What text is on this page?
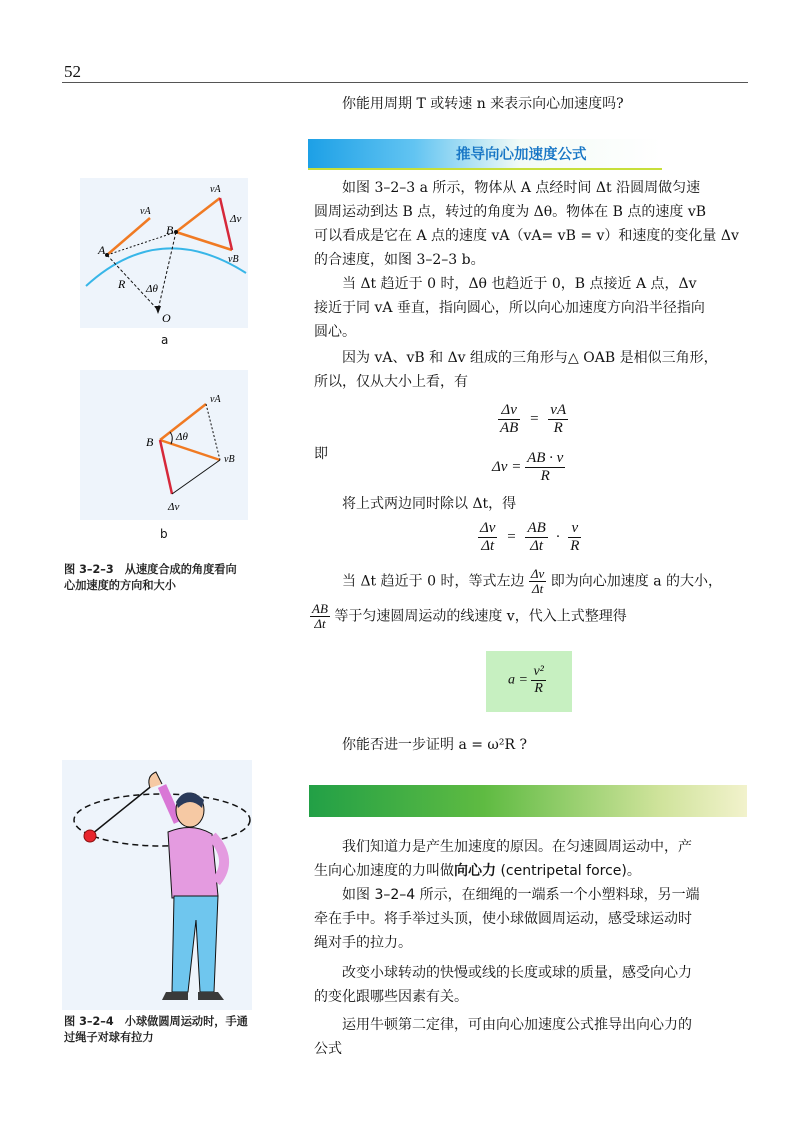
52
你能用周期 T 或转速 n 来表示向心加速度吗?
推导向心加速度公式
如图 3–2–3 a 所示，物体从 A 点经时间 Δt 沿圆周做匀速
圆周运动到达 B 点，转过的角度为 Δθ。物体在 B 点的速度 vB
可以看成是它在 A 点的速度 vA（vA= vB = v）和速度的变化量 Δv
的合速度，如图 3–2–3 b。
当 Δt 趋近于 0 时，Δθ 也趋近于 0，B 点接近 A 点，Δv
接近于同 vA 垂直，指向圆心，所以向心加速度方向沿半径指向
圆心。
因为 vA、vB 和 Δv 组成的三角形与△ OAB 是相似三角形，
所以，仅从大小上看，有
$\frac{\Delta v}{AB} = \frac{vA}{R}$
即
$\Delta v = \frac{AB \cdot v}{R}$
将上式两边同时除以 Δt，得
$\frac{\Delta v}{\Delta t} = \frac{AB}{\Delta t} \cdot \frac{v}{R}$
当 Δt 趋近于 0 时，等式左边 $\frac{\Delta v}{\Delta t}$ 即为向心加速度 a 的大小，
$\frac{AB}{\Delta t}$ 等于匀速圆周运动的线速度 v，代入上式整理得
$a = \frac{\text{v²}}{R}$
你能否进一步证明 a = ω²R ?
我们知道力是产生加速度的原因。在匀速圆周运动中，产
生向心加速度的力叫做向心力 (centripetal force)。
如图 3–2–4 所示，在细绳的一端系一个小塑料球，另一端
牵在手中。将手举过头顶，使小球做圆周运动，感受球运动时
绳对手的拉力。
改变小球转动的快慢或线的长度或球的质量，感受向心力
的变化跟哪些因素有关。
运用牛顿第二定律，可由向心加速度公式推导出向心力的
公式
vA
vA
Δv
vB
A
B
R Δθ
O
a
vA
B Δθ
vB
Δv
b
图 3–2–3　从速度合成的角度看向
心加速度的方向和大小
图 3–2–4　小球做圆周运动时，手通
过绳子对球有拉力
